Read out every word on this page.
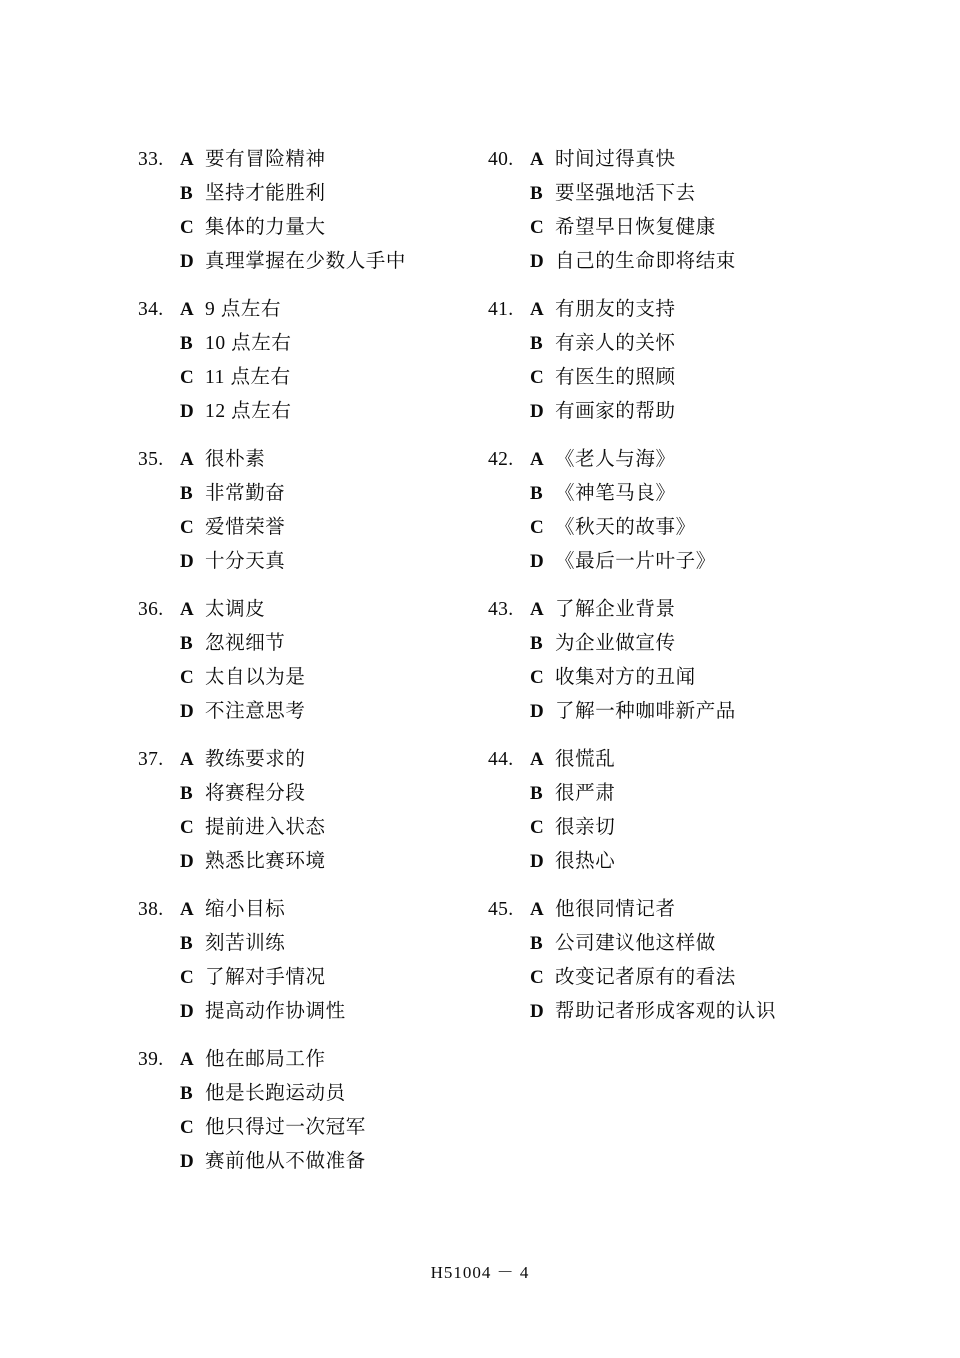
33. A 要有冒险精神
B 坚持才能胜利
C 集体的力量大
D 真理掌握在少数人手中
34. A 9 点左右
B 10 点左右
C 11 点左右
D 12 点左右
35. A 很朴素
B 非常勤奋
C 爱惜荣誉
D 十分天真
36. A 太调皮
B 忽视细节
C 太自以为是
D 不注意思考
37. A 教练要求的
B 将赛程分段
C 提前进入状态
D 熟悉比赛环境
38. A 缩小目标
B 刻苦训练
C 了解对手情况
D 提高动作协调性
39. A 他在邮局工作
B 他是长跑运动员
C 他只得过一次冠军
D 赛前他从不做准备
40. A 时间过得真快
B 要坚强地活下去
C 希望早日恢复健康
D 自己的生命即将结束
41. A 有朋友的支持
B 有亲人的关怀
C 有医生的照顾
D 有画家的帮助
42. A 《老人与海》
B 《神笔马良》
C 《秋天的故事》
D 《最后一片叶子》
43. A 了解企业背景
B 为企业做宣传
C 收集对方的丑闻
D 了解一种咖啡新产品
44. A 很慌乱
B 很严肃
C 很亲切
D 很热心
45. A 他很同情记者
B 公司建议他这样做
C 改变记者原有的看法
D 帮助记者形成客观的认识
H51004 － 4
